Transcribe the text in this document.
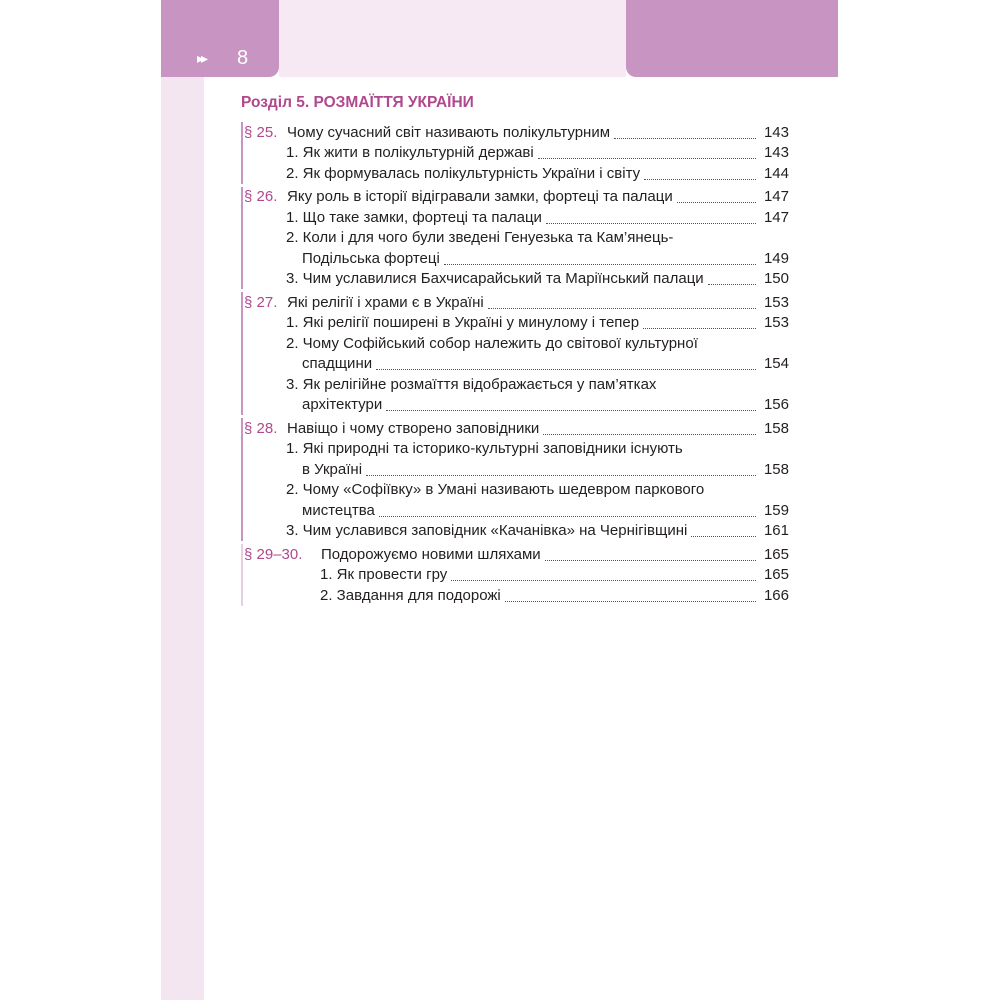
▸▸ 8
Розділ 5. РОЗМАЇТТЯ УКРАЇНИ
§ 25. Чому сучасний світ називають полікультурним	143
1. Як жити в полікультурній державі	143
2. Як формувалась полікультурність України і світу	144
§ 26. Яку роль в історії відігравали замки, фортеці та палаци	147
1. Що таке замки, фортеці та палаци	147
2. Коли і для чого були зведені Генуезька та Кам’янець-
Подільська фортеці	149
3. Чим уславилися Бахчисарайський та Маріїнський палаци	150
§ 27. Які релігії і храми є в Україні	153
1. Які релігії поширені в Україні у минулому і тепер	153
2. Чому Софійський собор належить до світової культурної
спадщини	154
3. Як релігійне розмаїття відображається у пам’ятках
архітектури	156
§ 28. Навіщо і чому створено заповідники	158
1. Які природні та історико-культурні заповідники існують
в Україні	158
2. Чому «Софіївку» в Умані називають шедевром паркового
мистецтва	159
3. Чим уславився заповідник «Качанівка» на Чернігівщині	161
§ 29–30.	Подорожуємо новими шляхами	165
1. Як провести гру	165
2. Завдання для подорожі	166
